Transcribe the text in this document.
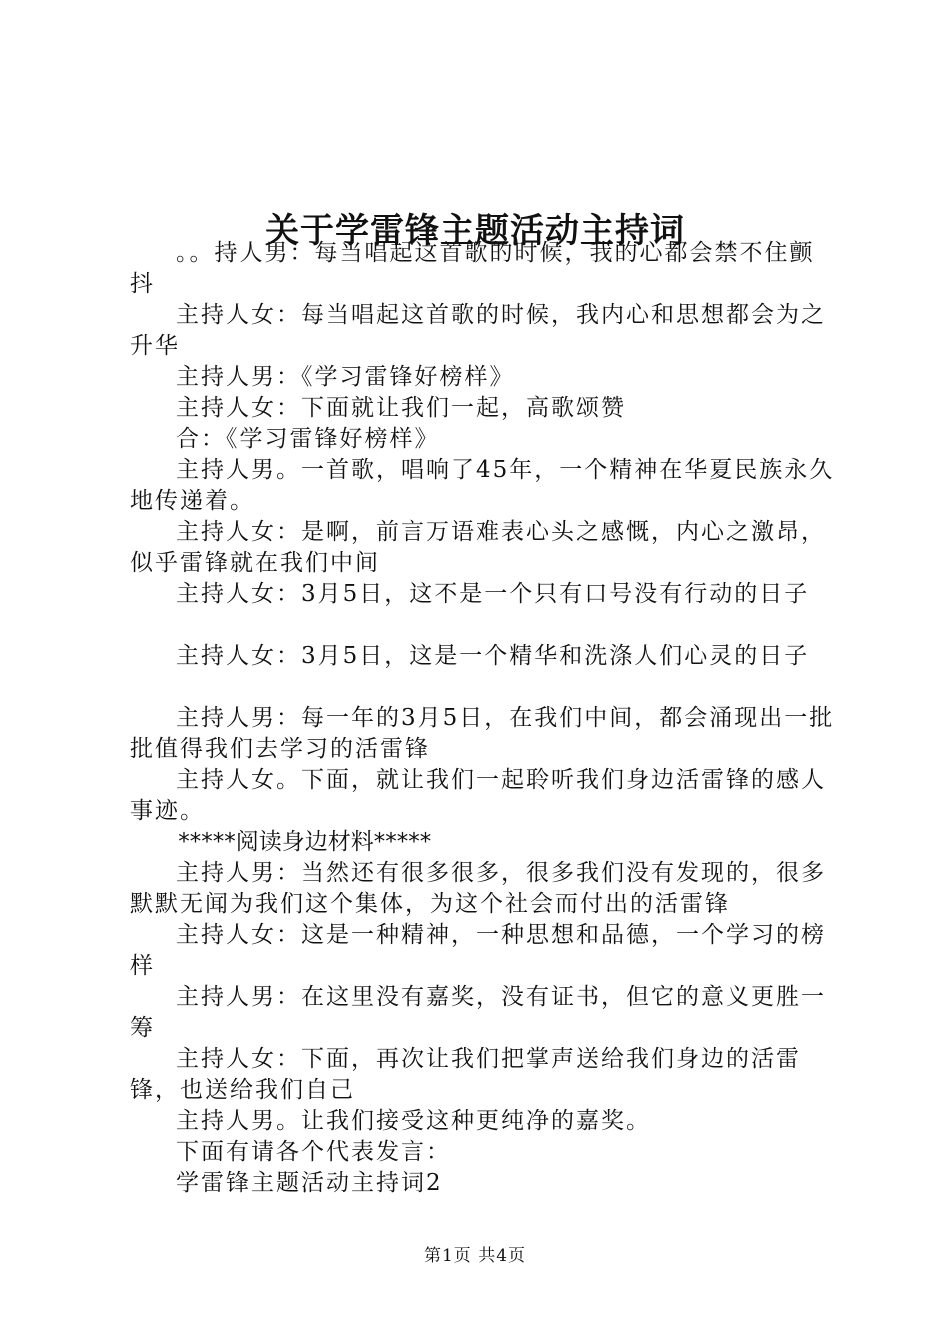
关于学雷锋主题活动主持词

。。持人男：每当唱起这首歌的时候，我的心都会禁不住颤抖

主持人女：每当唱起这首歌的时候，我内心和思想都会为之升华

主持人男：《学习雷锋好榜样》

主持人女：下面就让我们一起，高歌颂赞

合：《学习雷锋好榜样》

主持人男。一首歌，唱响了45年，一个精神在华夏民族永久地传递着。

主持人女：是啊，前言万语难表心头之感慨，内心之激昂，似乎雷锋就在我们中间

主持人女：3月5日，这不是一个只有口号没有行动的日子

主持人女：3月5日，这是一个精华和洗涤人们心灵的日子

主持人男：每一年的3月5日，在我们中间，都会涌现出一批批值得我们去学习的活雷锋

主持人女。下面，就让我们一起聆听我们身边活雷锋的感人事迹。

*****阅读身边材料*****

主持人男：当然还有很多很多，很多我们没有发现的，很多默默无闻为我们这个集体，为这个社会而付出的活雷锋

主持人女：这是一种精神，一种思想和品德，一个学习的榜样

主持人男：在这里没有嘉奖，没有证书，但它的意义更胜一筹

主持人女：下面，再次让我们把掌声送给我们身边的活雷锋，也送给我们自己

主持人男。让我们接受这种更纯净的嘉奖。

下面有请各个代表发言：

学雷锋主题活动主持词2

第1页 共4页
